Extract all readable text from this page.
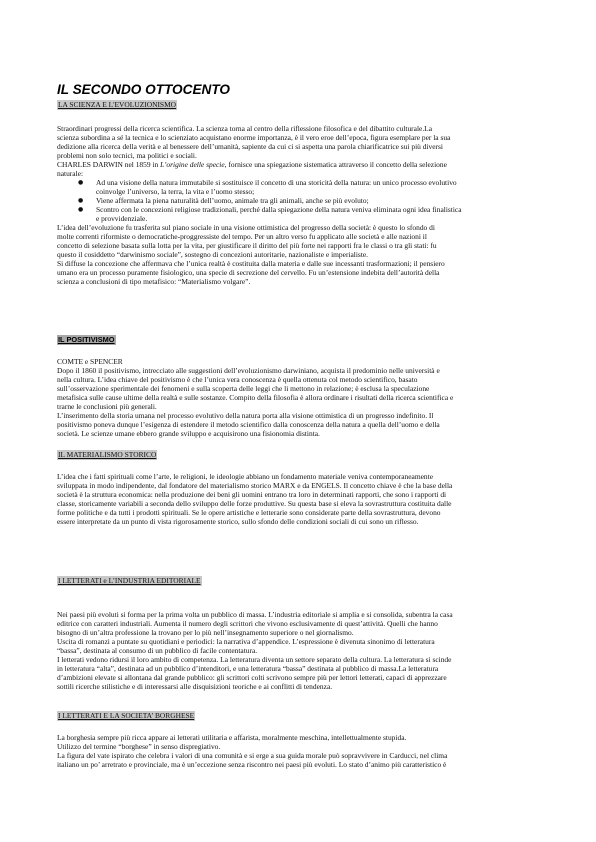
IL SECONDO OTTOCENTO
LA SCIENZA E L'EVOLUZIONISMO

Straordinari progressi della ricerca scientifica. La scienza torna al centro della riflessione filosofica e del dibattito culturale.La

scienza subordina a sé la tecnica e lo scienziato acquistano enorme importanza, è il vero eroe dell’epoca, figura esemplare per la sua

dedizione alla ricerca della verità e al benessere dell’umanità, sapiente da cui ci si aspetta una parola chiarificatrice sui più diversi

problemi non solo tecnici, ma politici e sociali.

CHARLES DARWIN nel 1859 in L’origine delle specie, fornisce una spiegazione sistematica attraverso il concetto della selezione

naturale:

● Ad una visione della natura immutabile si sostituisce il concetto di una storicità della natura: un unico processo evolutivo

coinvolge l’universo, la terra, la vita e l’uomo stesso;

● Viene affermata la piena naturalità dell’uomo, animale tra gli animali, anche se più evoluto;

● Scontro con le concezioni religiose tradizionali, perché dalla spiegazione della natura veniva eliminata ogni idea finalistica

e provvidenziale.

L’idea dell’evoluzione fu trasferita sul piano sociale in una visione ottimistica del progresso della società: è questo lo sfondo di

molte correnti riformiste o democratiche-proggressiste del tempo. Per un altro verso fu applicato alle società e alle nazioni il

concetto di selezione basata sulla lotta per la vita, per giustificare il diritto del più forte nei rapporti fra le classi o tra gli stati: fu

questo il cosiddetto “darwinismo sociale”, sostegno di concezioni autoritarie, nazionaliste e imperialiste.

Si diffuse la concezione che affermava che l’unica realtà è costituita dalla materia e dalle sue incessanti trasformazioni; il pensiero

umano era un processo puramente fisiologico, una specie di secrezione del cervello. Fu un’estensione indebita dell’autorità della

scienza a conclusioni di tipo metafisico: “Materialismo volgare”.

IL POSITIVISMO

COMTE e SPENCER

Dopo il 1860 il positivismo, intrecciato alle suggestioni dell’evoluzionismo darwiniano, acquista il predominio nelle università e

nella cultura. L’idea chiave del positivismo è che l’unica vera conoscenza è quella ottenuta col metodo scientifico, basato

sull’osservazione sperimentale dei fenomeni e sulla scoperta delle leggi che li mettono in relazione; è esclusa la speculazione

metafisica sulle cause ultime della realtà e sulle sostanze. Compito della filosofia è allora ordinare i risultati della ricerca scientifica e

trarne le conclusioni più generali.

L’inserimento della storia umana nel processo evolutivo della natura porta alla visione ottimistica di un progresso indefinito. Il

positivismo poneva dunque l’esigenza di estendere il metodo scientifico dalla conoscenza della natura a quella dell’uomo e della

società. Le scienze umane ebbero grande sviluppo e acquisirono una fisionomia distinta.

IL MATERIALISMO STORICO

L’idea che i fatti spirituali come l’arte, le religioni, le ideologie abbiano un fondamento materiale veniva contemporaneamente

sviluppata in modo indipendente, dal fondatore del materialismo storico MARX e da ENGELS. Il concetto chiave è che la base della

società è la struttura economica: nella produzione dei beni gli uomini entrano tra loro in determinati rapporti, che sono i rapporti di

classe, storicamente variabili a seconda dello sviluppo delle forze produttive. Su questa base si eleva la sovrastruttura costituita dalle

forme politiche e da tutti i prodotti spirituali. Se le opere artistiche e letterarie sono considerate parte della sovrastruttura, devono

essere interpretate da un punto di vista rigorosamente storico, sullo sfondo delle condizioni sociali di cui sono un riflesso.

I LETTERATI e L’INDUSTRIA EDITORIALE

Nei paesi più evoluti si forma per la prima volta un pubblico di massa. L’industria editoriale si amplia e si consolida, subentra la casa

editrice con caratteri industriali. Aumenta il numero degli scrittori che vivono esclusivamente di quest’attività. Quelli che hanno

bisogno di un’altra professione la trovano per lo più nell’insegnamento superiore o nel giornalismo.

Uscita di romanzi a puntate su quotidiani e periodici: la narrativa d’appendice. L’espressione è divenuta sinonimo di letteratura

“bassa”, destinata al consumo di un pubblico di facile contentatura.

I letterati vedono ridursi il loro ambito di competenza. La letteratura diventa un settore separato della cultura. La letteratura si scinde

in letteratura “alta”, destinata ad un pubblico d’intenditori, e una letteratura “bassa” destinata al pubblico di massa.La letteratura

d’ambizioni elevate si allontana dal grande pubblico: gli scrittori colti scrivono sempre più per lettori letterati, capaci di apprezzare

sottili ricerche stilistiche e di interessarsi alle disquisizioni teoriche e ai conflitti di tendenza.

I LETTERATI E LA SOCIETA’ BORGHESE

La borghesia sempre più ricca appare ai letterati utilitaria e affarista, moralmente meschina, intellettualmente stupida.

Utilizzo del termine “borghese” in senso dispregiativo.

La figura del vate ispirato che celebra i valori di una comunità e si erge a sua guida morale può sopravvivere in Carducci, nel clima

italiano un po’ arretrato e provinciale, ma è un’eccezione senza riscontro nei paesi più evoluti. Lo stato d’animo più caratteristico è
